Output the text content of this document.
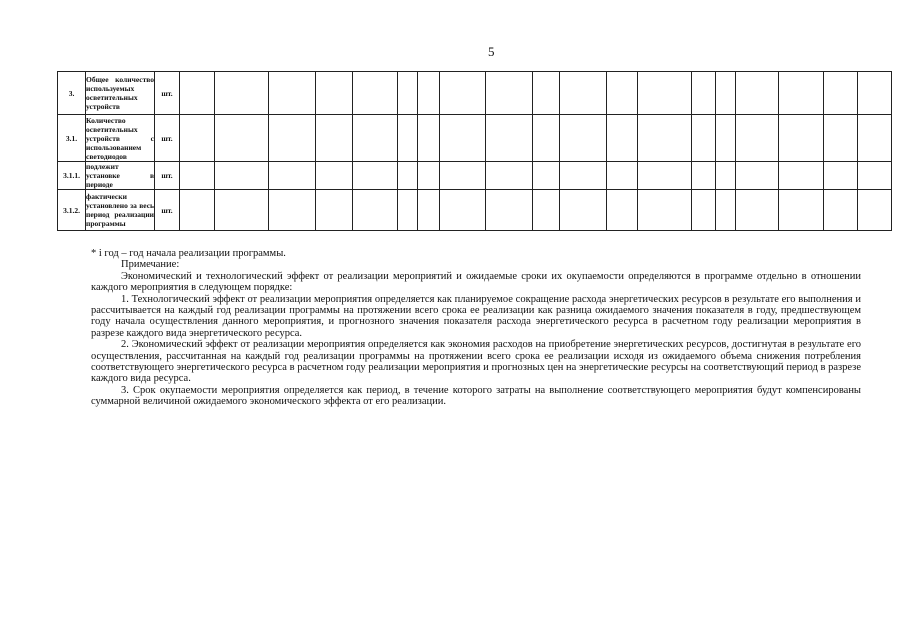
5
3.	Общее количество используемых осветительных устройств	шт.																			
3.1.	Количество осветительных устройств с использованием светодиодов	шт.																			
3.1.1.	подлежит установке в периоде	шт.																			
3.1.2.	фактически установлено за весь период реализации программы	шт.																			

* i год – год начала реализации программы.

Примечание:

Экономический и технологический эффект от реализации мероприятий и ожидаемые сроки их окупаемости определяются в программе отдельно в отношении каждого мероприятия в следующем порядке:

1. Технологический эффект от реализации мероприятия определяется как планируемое сокращение расхода энергетических ресурсов в результате его выполнения и рассчитывается на каждый год реализации программы на протяжении всего срока ее реализации как разница ожидаемого значения показателя в году, предшествующем году начала осуществления данного мероприятия, и прогнозного значения показателя расхода энергетического ресурса в расчетном году реализации мероприятия в разрезе каждого вида энергетического ресурса.

2. Экономический эффект от реализации мероприятия определяется как экономия расходов на приобретение энергетических ресурсов, достигнутая в результате его осуществления, рассчитанная на каждый год реализации программы на протяжении всего срока ее реализации исходя из ожидаемого объема снижения потребления соответствующего энергетического ресурса в расчетном году реализации мероприятия и прогнозных цен на энергетические ресурсы на соответствующий период в разрезе каждого вида ресурса.

3. Срок окупаемости мероприятия определяется как период, в течение которого затраты на выполнение соответствующего мероприятия будут компенсированы суммарной величиной ожидаемого экономического эффекта от его реализации.
